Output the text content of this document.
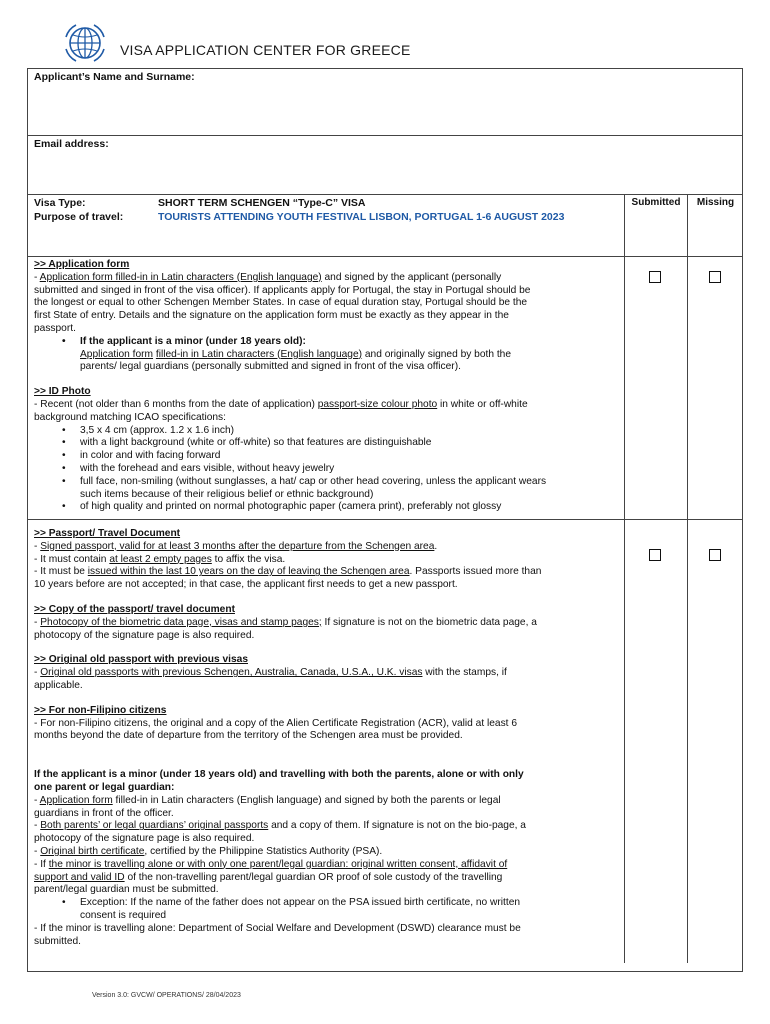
VISA APPLICATION CENTER FOR GREECE
Applicant’s Name and Surname:
Email address:
Visa Type:
Purpose of travel:
SHORT TERM SCHENGEN “Type-C” VISA
TOURISTS ATTENDING YOUTH FESTIVAL LISBON, PORTUGAL 1-6 AUGUST 2023
Submitted	Missing

>> Application form

- Application form filled-in in Latin characters (English language) and signed by the applicant (personally

submitted and singed in front of the visa officer). If applicants apply for Portugal, the stay in Portugal should be

the longest or equal to other Schengen Member States. In case of equal duration stay, Portugal should be the

first State of entry. Details and the signature on the application form must be exactly as they appear in the

passport.

• If the applicant is a minor (under 18 years old):

Application form filled-in in Latin characters (English language) and originally signed by both the

parents/ legal guardians (personally submitted and signed in front of the visa officer).

>> ID Photo

- Recent (not older than 6 months from the date of application) passport-size colour photo in white or off-white

background matching ICAO specifications:

• 3,5 x 4 cm (approx. 1.2 x 1.6 inch)
• with a light background (white or off-white) so that features are distinguishable
• in color and with facing forward
• with the forehead and ears visible, without heavy jewelry
• full face, non-smiling (without sunglasses, a hat/ cap or other head covering, unless the applicant wears
such items because of their religious belief or ethnic background)
• of high quality and printed on normal photographic paper (camera print), preferably not glossy

>> Passport/ Travel Document

- Signed passport, valid for at least 3 months after the departure from the Schengen area.

- It must contain at least 2 empty pages to affix the visa.

- It must be issued within the last 10 years on the day of leaving the Schengen area. Passports issued more than

10 years before are not accepted; in that case, the applicant first needs to get a new passport.

>> Copy of the passport/ travel document

- Photocopy of the biometric data page, visas and stamp pages; If signature is not on the biometric data page, a

photocopy of the signature page is also required.

>> Original old passport with previous visas

- Original old passports with previous Schengen, Australia, Canada, U.S.A., U.K. visas with the stamps, if

applicable.

>> For non-Filipino citizens

- For non-Filipino citizens, the original and a copy of the Alien Certificate Registration (ACR), valid at least 6

months beyond the date of departure from the territory of the Schengen area must be provided.

If the applicant is a minor (under 18 years old) and travelling with both the parents, alone or with only

one parent or legal guardian:

- Application form filled-in in Latin characters (English language) and signed by both the parents or legal

guardians in front of the officer.

- Both parents’ or legal guardians’ original passports and a copy of them. If signature is not on the bio-page, a

photocopy of the signature page is also required.

- Original birth certificate, certified by the Philippine Statistics Authority (PSA).

- If the minor is travelling alone or with only one parent/legal guardian: original written consent, affidavit of

support and valid ID of the non-travelling parent/legal guardian OR proof of sole custody of the travelling

parent/legal guardian must be submitted.

• Exception: If the name of the father does not appear on the PSA issued birth certificate, no written
consent is required

- If the minor is travelling alone: Department of Social Welfare and Development (DSWD) clearance must be

submitted.

Version 3.0: GVCW/ OPERATIONS/ 28/04/2023
